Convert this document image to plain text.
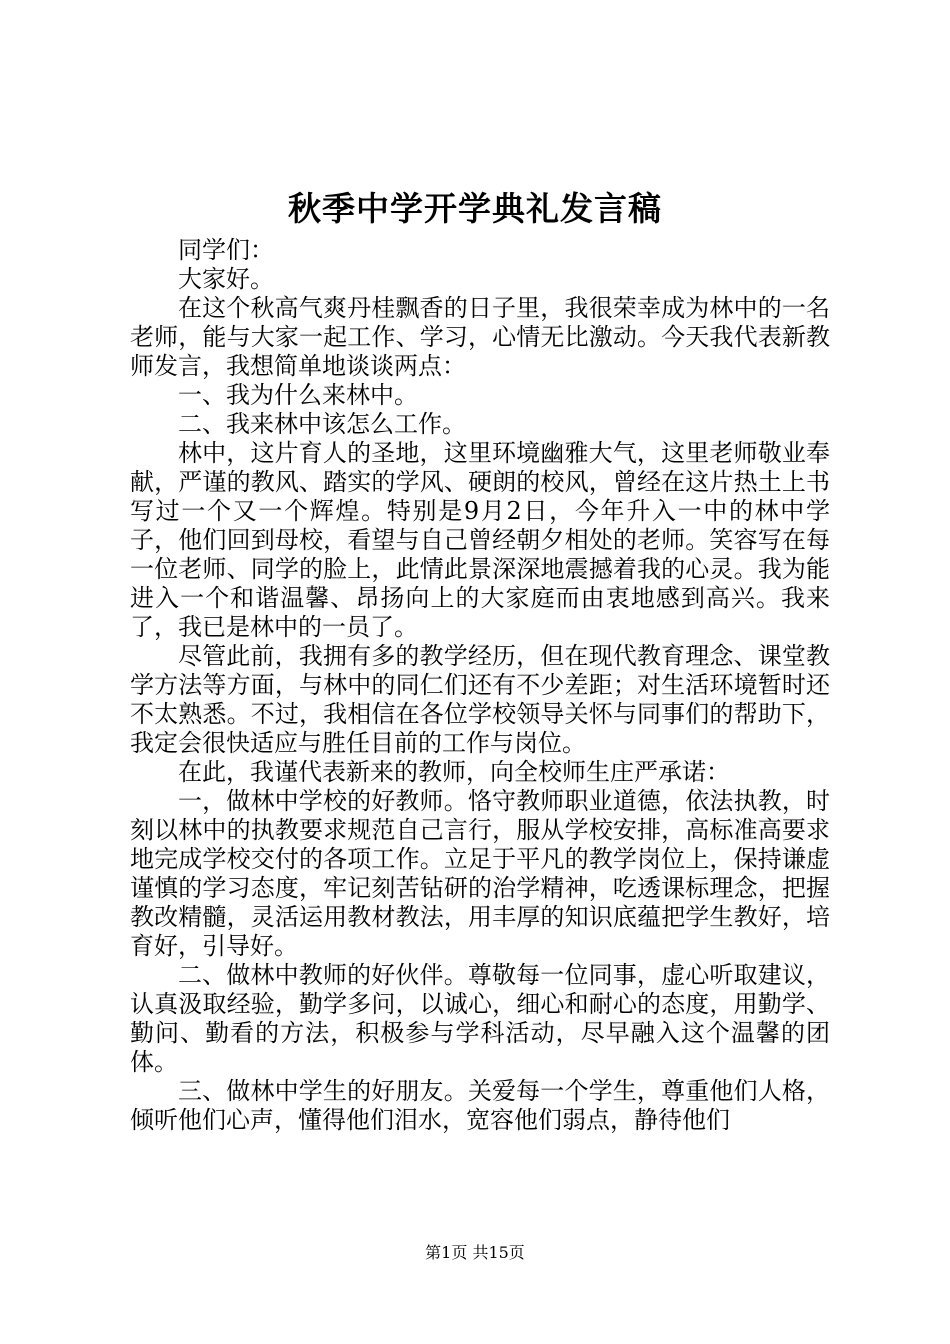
秋季中学开学典礼发言稿

同学们：

大家好。

在这个秋高气爽丹桂飘香的日子里，我很荣幸成为林中的一名老师，能与大家一起工作、学习，心情无比激动。今天我代表新教师发言，我想简单地谈谈两点：

一、我为什么来林中。

二、我来林中该怎么工作。

林中，这片育人的圣地，这里环境幽雅大气，这里老师敬业奉献，严谨的教风、踏实的学风、硬朗的校风，曾经在这片热土上书写过一个又一个辉煌。特别是9月2日，今年升入一中的林中学子，他们回到母校，看望与自己曾经朝夕相处的老师。笑容写在每一位老师、同学的脸上，此情此景深深地震撼着我的心灵。我为能进入一个和谐温馨、昂扬向上的大家庭而由衷地感到高兴。我来了，我已是林中的一员了。

尽管此前，我拥有多的教学经历，但在现代教育理念、课堂教学方法等方面，与林中的同仁们还有不少差距；对生活环境暂时还不太熟悉。不过，我相信在各位学校领导关怀与同事们的帮助下，我定会很快适应与胜任目前的工作与岗位。

在此，我谨代表新来的教师，向全校师生庄严承诺：

一，做林中学校的好教师。恪守教师职业道德，依法执教，时刻以林中的执教要求规范自己言行，服从学校安排，高标准高要求地完成学校交付的各项工作。立足于平凡的教学岗位上，保持谦虚谨慎的学习态度，牢记刻苦钻研的治学精神，吃透课标理念，把握教改精髓，灵活运用教材教法，用丰厚的知识底蕴把学生教好，培育好，引导好。

二、做林中教师的好伙伴。尊敬每一位同事，虚心听取建议，认真汲取经验，勤学多问，以诚心，细心和耐心的态度，用勤学、勤问、勤看的方法，积极参与学科活动，尽早融入这个温馨的团体。

三、做林中学生的好朋友。关爱每一个学生，尊重他们人格，倾听他们心声，懂得他们泪水，宽容他们弱点，静待他们

第1页 共15页
